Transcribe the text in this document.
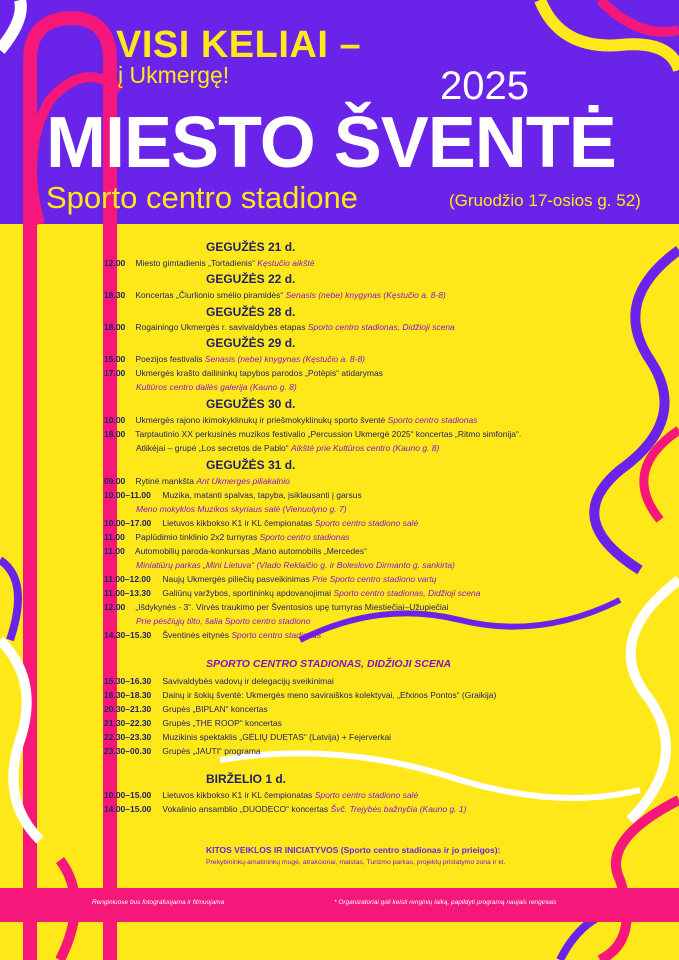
VISI KELIAI –
į Ukmergę!	2025
MIESTO ŠVENTĖ
Sporto centro stadione	(Gruodžio 17-osios g. 52)
GEGUŽĖS 21 d.
12.00 Miesto gimtadienis „Tortadienis“ Kęstučio aikštė
GEGUŽĖS 22 d.
18.30 Koncertas „Čiurlionio smėlio piramidės“ Senasis (nebe) knygynas (Kęstučio a. 8-8)
GEGUŽĖS 28 d.
18.00 Rogainingo Ukmergės r. savivaldybės etapas Sporto centro stadionas, Didžioji scena
GEGUŽĖS 29 d.
15.00 Poezijos festivalis Senasis (nebe) knygynas (Kęstučio a. 8-8)
17.00 Ukmergės krašto dailininkų tapybos parodos „Potėpis“ atidarymas
Kultūros centro dailės galerija (Kauno g. 8)
GEGUŽĖS 30 d.
10.00 Ukmergės rajono ikimokyklinukų ir priešmokyklinukų sporto šventė Sporto centro stadionas
18.00 Tarptautinio XX perkusinės muzikos festivalio „Percussion Ukmergė 2025“ koncertas „Ritmo simfonija“.
Atlikėjai – grupė „Los secretos de Pablo“ Aikštė prie Kultūros centro (Kauno g. 8)
GEGUŽĖS 31 d.
09.00 Rytinė mankšta Ant Ukmergės piliakalnio
10.00–11.00 Muzika, matanti spalvas, tapyba, įsiklausanti į garsus
Meno mokyklos Muzikos skyriaus salė (Vienuolyno g. 7)
10.00–17.00 Lietuvos kikbokso K1 ir KL čempionatas Sporto centro stadiono salė
11.00 Paplūdimio tinklinio 2x2 turnyras Sporto centro stadionas
11.00 Automobilių paroda-konkursas „Mano automobilis „Mercedes“
Miniatiūrų parkas „Mini Lietuva“ (Vlado Reklaičio g. ir Boleslovo Dirmanto g. sankirta)
11.00–12.00 Naujų Ukmergės piliečių pasveikinimas Prie Sporto centro stadiono vartų
11.00–13.30 Galiūnų varžybos, sportininkų apdovanojimai Sporto centro stadionas, Didžioji scena
12.00 „Išdykynės - 3“. Virvės traukimo per Šventosios upę turnyras Miestiečiai–Užupiečiai
Prie pėsčiųjų tilto, šalia Sporto centro stadiono
14.30–15.30 Šventinės eitynės Sporto centro stadionas
SPORTO CENTRO STADIONAS, DIDŽIOJI SCENA
15.30–16.30 Savivaldybės vadovų ir delegacijų sveikinimai
16.30–18.30 Dainų ir šokių šventė: Ukmergės meno saviraiškos kolektyvai, „Efxinos Pontos“ (Graikija)
20.30–21.30 Grupės „BIPLAN“ koncertas
21.30–22.30 Grupės „THE ROOP“ koncertas
22.30–23.30 Muzikinis spektaklis „GĖLIŲ DUETAS“ (Latvija) + Fejerverkai
23.30–00.30 Grupės „JAUTI“ programa
BIRŽELIO 1 d.
10.00–15.00 Lietuvos kikbokso K1 ir KL čempionatas Sporto centro stadiono salė
14.00–15.00 Vokalinio ansamblio „DUODECO“ koncertas Švč. Trejybės bažnyčia (Kauno g. 1)
KITOS VEIKLOS IR INICIATYVOS (Sporto centro stadionas ir jo prieigos):
Prekybininkų-amatininkų mugė, atrakcionai, maistas, Turizmo parkas, projektų pristatymo zona ir kt.
Renginiuose bus fotografuojama ir filmuojama	* Organizatoriai gali keisti renginių laiką, papildyti programą naujais renginiais
